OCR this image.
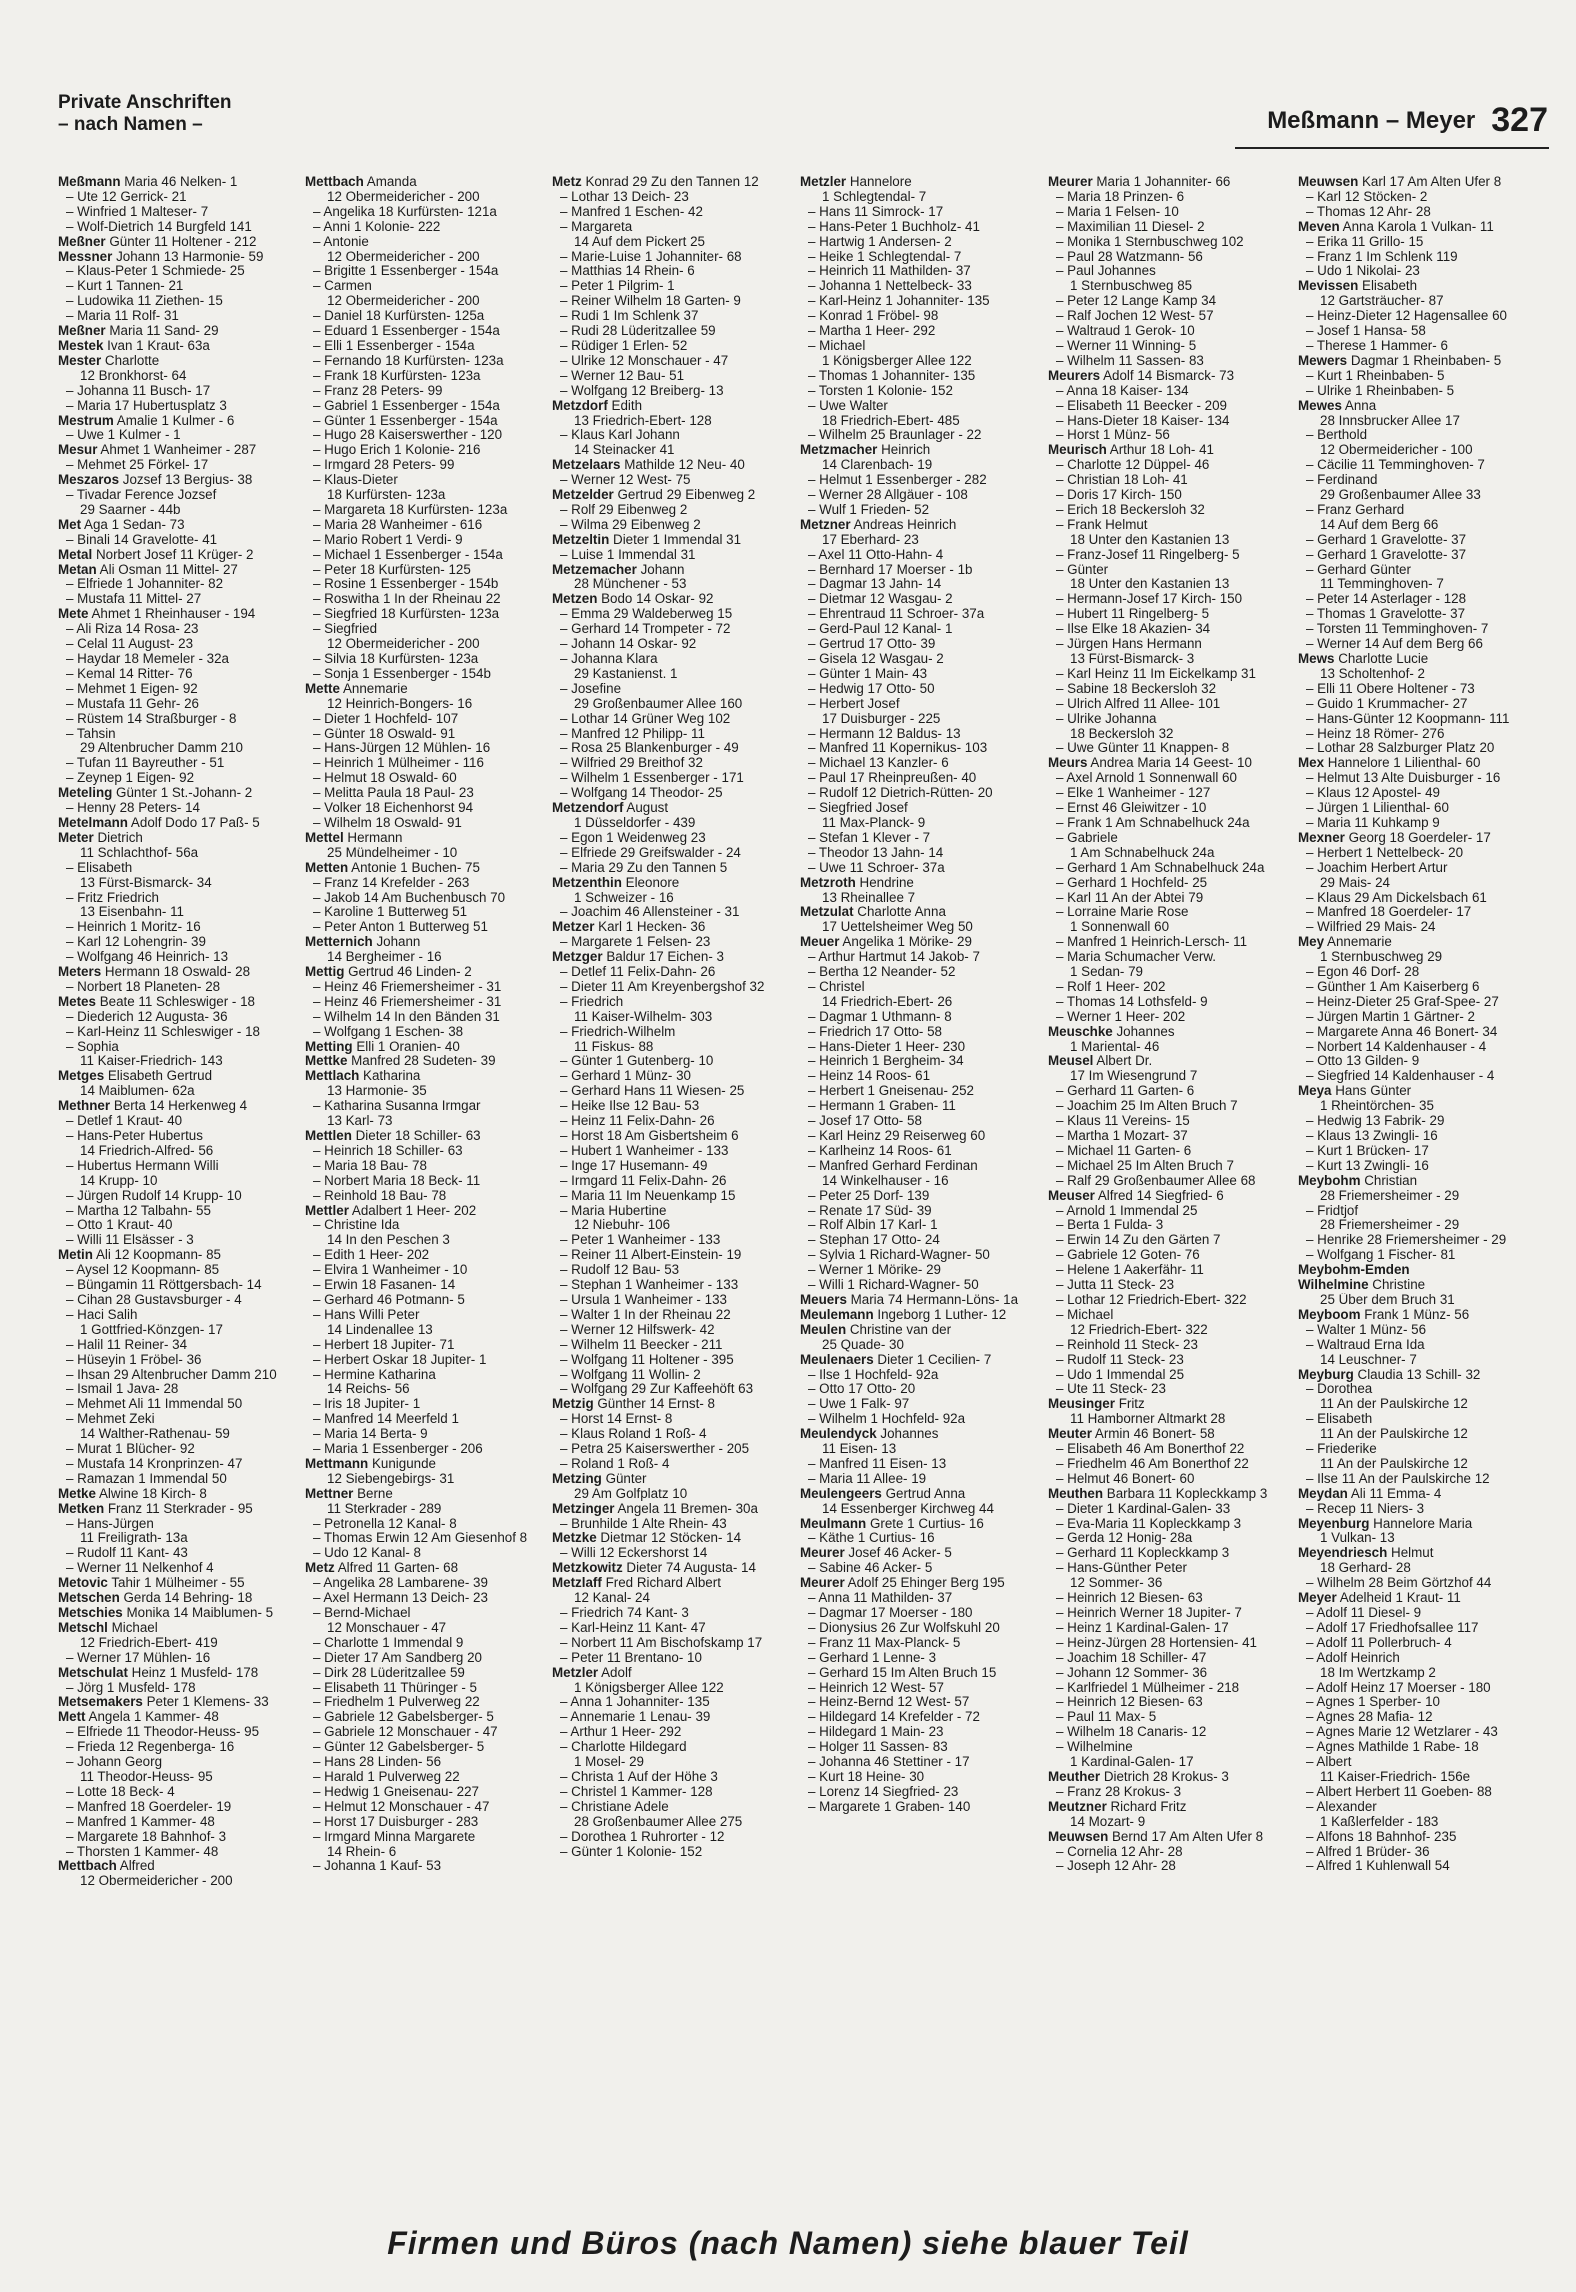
Private Anschriften
– nach Namen –	Meßmann – Meyer 327
Meßmann Maria 46 Nelken- 1
– Ute 12 Gerrick- 21
– Winfried 1 Malteser- 7
– Wolf-Dietrich 14 Burgfeld 141
Meßner Günter 11 Holtener - 212
Messner Johann 13 Harmonie- 59
– Klaus-Peter 1 Schmiede- 25
– Kurt 1 Tannen- 21
– Ludowika 11 Ziethen- 15
– Maria 11 Rolf- 31
Meßner Maria 11 Sand- 29
Mestek Ivan 1 Kraut- 63a
Mester Charlotte
12 Bronkhorst- 64
– Johanna 11 Busch- 17
– Maria 17 Hubertusplatz 3
Mestrum Amalie 1 Kulmer - 6
– Uwe 1 Kulmer - 1
Mesur Ahmet 1 Wanheimer - 287
– Mehmet 25 Förkel- 17
Meszaros Jozsef 13 Bergius- 38
– Tivadar Ference Jozsef
29 Saarner - 44b
Met Aga 1 Sedan- 73
– Binali 14 Gravelotte- 41
Metal Norbert Josef 11 Krüger- 2
Metan Ali Osman 11 Mittel- 27
– Elfriede 1 Johanniter- 82
– Mustafa 11 Mittel- 27
Mete Ahmet 1 Rheinhauser - 194
– Ali Riza 14 Rosa- 23
– Celal 11 August- 23
– Haydar 18 Memeler - 32a
– Kemal 14 Ritter- 76
– Mehmet 1 Eigen- 92
– Mustafa 11 Gehr- 26
– Rüstem 14 Straßburger - 8
– Tahsin
29 Altenbrucher Damm 210
– Tufan 11 Bayreuther - 51
– Zeynep 1 Eigen- 92
Meteling Günter 1 St.-Johann- 2
– Henny 28 Peters- 14
Metelmann Adolf Dodo 17 Paß- 5
Meter Dietrich
11 Schlachthof- 56a
– Elisabeth
13 Fürst-Bismarck- 34
– Fritz Friedrich
13 Eisenbahn- 11
– Heinrich 1 Moritz- 16
– Karl 12 Lohengrin- 39
– Wolfgang 46 Heinrich- 13
Meters Hermann 18 Oswald- 28
– Norbert 18 Planeten- 28
Metes Beate 11 Schleswiger - 18
– Diederich 12 Augusta- 36
– Karl-Heinz 11 Schleswiger - 18
– Sophia
11 Kaiser-Friedrich- 143
Metges Elisabeth Gertrud
14 Maiblumen- 62a
Methner Berta 14 Herkenweg 4
– Detlef 1 Kraut- 40
– Hans-Peter Hubertus
14 Friedrich-Alfred- 56
– Hubertus Hermann Willi
14 Krupp- 10
– Jürgen Rudolf 14 Krupp- 10
– Martha 12 Talbahn- 55
– Otto 1 Kraut- 40
– Willi 11 Elsässer - 3
Metin Ali 12 Koopmann- 85
– Aysel 12 Koopmann- 85
– Büngamin 11 Röttgersbach- 14
– Cihan 28 Gustavsburger - 4
– Haci Salih
1 Gottfried-Könzgen- 17
– Halil 11 Reiner- 34
– Hüseyin 1 Fröbel- 36
– Ihsan 29 Altenbrucher Damm 210
– Ismail 1 Java- 28
– Mehmet Ali 11 Immendal 50
– Mehmet Zeki
14 Walther-Rathenau- 59
– Murat 1 Blücher- 92
– Mustafa 14 Kronprinzen- 47
– Ramazan 1 Immendal 50
Metke Alwine 18 Kirch- 8
Metken Franz 11 Sterkrader - 95
– Hans-Jürgen
11 Freiligrath- 13a
– Rudolf 11 Kant- 43
– Werner 11 Nelkenhof 4
Metovic Tahir 1 Mülheimer - 55
Metschen Gerda 14 Behring- 18
Metschies Monika 14 Maiblumen- 5
Metschl Michael
12 Friedrich-Ebert- 419
– Werner 17 Mühlen- 16
Metschulat Heinz 1 Musfeld- 178
– Jörg 1 Musfeld- 178
Metsemakers Peter 1 Klemens- 33
Mett Angela 1 Kammer- 48
– Elfriede 11 Theodor-Heuss- 95
– Frieda 12 Regenberga- 16
– Johann Georg
11 Theodor-Heuss- 95
– Lotte 18 Beck- 4
– Manfred 18 Goerdeler- 19
– Manfred 1 Kammer- 48
– Margarete 18 Bahnhof- 3
– Thorsten 1 Kammer- 48
Mettbach Alfred
12 Obermeidericher - 200
Mettbach Amanda
12 Obermeidericher - 200
– Angelika 18 Kurfürsten- 121a
– Anni 1 Kolonie- 222
– Antonie
12 Obermeidericher - 200
– Brigitte 1 Essenberger - 154a
– Carmen
12 Obermeidericher - 200
– Daniel 18 Kurfürsten- 125a
– Eduard 1 Essenberger - 154a
– Elli 1 Essenberger - 154a
– Fernando 18 Kurfürsten- 123a
– Frank 18 Kurfürsten- 123a
– Franz 28 Peters- 99
– Gabriel 1 Essenberger - 154a
– Günter 1 Essenberger - 154a
– Hugo 28 Kaiserswerther - 120
– Hugo Erich 1 Kolonie- 216
– Irmgard 28 Peters- 99
– Klaus-Dieter
18 Kurfürsten- 123a
– Margareta 18 Kurfürsten- 123a
– Maria 28 Wanheimer - 616
– Mario Robert 1 Verdi- 9
– Michael 1 Essenberger - 154a
– Peter 18 Kurfürsten- 125
– Rosine 1 Essenberger - 154b
– Roswitha 1 In der Rheinau 22
– Siegfried 18 Kurfürsten- 123a
– Siegfried
12 Obermeidericher - 200
– Silvia 18 Kurfürsten- 123a
– Sonja 1 Essenberger - 154b
Mette Annemarie
12 Heinrich-Bongers- 16
– Dieter 1 Hochfeld- 107
– Günter 18 Oswald- 91
– Hans-Jürgen 12 Mühlen- 16
– Heinrich 1 Mülheimer - 116
– Helmut 18 Oswald- 60
– Melitta Paula 18 Paul- 23
– Volker 18 Eichenhorst 94
– Wilhelm 18 Oswald- 91
Mettel Hermann
25 Mündelheimer - 10
Metten Antonie 1 Buchen- 75
– Franz 14 Krefelder - 263
– Jakob 14 Am Buchenbusch 70
– Karoline 1 Butterweg 51
– Peter Anton 1 Butterweg 51
Metternich Johann
14 Bergheimer - 16
Mettig Gertrud 46 Linden- 2
– Heinz 46 Friemersheimer - 31
– Heinz 46 Friemersheimer - 31
– Wilhelm 14 In den Bänden 31
– Wolfgang 1 Eschen- 38
Metting Elli 1 Oranien- 40
Mettke Manfred 28 Sudeten- 39
Mettlach Katharina
13 Harmonie- 35
– Katharina Susanna Irmgar
13 Karl- 73
Mettlen Dieter 18 Schiller- 63
– Heinrich 18 Schiller- 63
– Maria 18 Bau- 78
– Norbert Maria 18 Beck- 11
– Reinhold 18 Bau- 78
Mettler Adalbert 1 Heer- 202
– Christine Ida
14 In den Peschen 3
– Edith 1 Heer- 202
– Elvira 1 Wanheimer - 10
– Erwin 18 Fasanen- 14
– Gerhard 46 Potmann- 5
– Hans Willi Peter
14 Lindenallee 13
– Herbert 18 Jupiter- 71
– Herbert Oskar 18 Jupiter- 1
– Hermine Katharina
14 Reichs- 56
– Iris 18 Jupiter- 1
– Manfred 14 Meerfeld 1
– Maria 14 Berta- 9
– Maria 1 Essenberger - 206
Mettmann Kunigunde
12 Siebengebirgs- 31
Mettner Berne
11 Sterkrader - 289
– Petronella 12 Kanal- 8
– Thomas Erwin 12 Am Giesenhof 8
– Udo 12 Kanal- 8
Metz Alfred 11 Garten- 68
– Angelika 28 Lambarene- 39
– Axel Hermann 13 Deich- 23
– Bernd-Michael
12 Monschauer - 47
– Charlotte 1 Immendal 9
– Dieter 17 Am Sandberg 20
– Dirk 28 Lüderitzallee 59
– Elisabeth 11 Thüringer - 5
– Friedhelm 1 Pulverweg 22
– Gabriele 12 Gabelsberger- 5
– Gabriele 12 Monschauer - 47
– Günter 12 Gabelsberger- 5
– Hans 28 Linden- 56
– Harald 1 Pulverweg 22
– Hedwig 1 Gneisenau- 227
– Helmut 12 Monschauer - 47
– Horst 17 Duisburger - 283
– Irmgard Minna Margarete
14 Rhein- 6
– Johanna 1 Kauf- 53
Metz Konrad 29 Zu den Tannen 12
– Lothar 13 Deich- 23
– Manfred 1 Eschen- 42
– Margareta
14 Auf dem Pickert 25
– Marie-Luise 1 Johanniter- 68
– Matthias 14 Rhein- 6
– Peter 1 Pilgrim- 1
– Reiner Wilhelm 18 Garten- 9
– Rudi 1 Im Schlenk 37
– Rudi 28 Lüderitzallee 59
– Rüdiger 1 Erlen- 52
– Ulrike 12 Monschauer - 47
– Werner 12 Bau- 51
– Wolfgang 12 Breiberg- 13
Metzdorf Edith
13 Friedrich-Ebert- 128
– Klaus Karl Johann
14 Steinacker 41
Metzelaars Mathilde 12 Neu- 40
– Werner 12 West- 75
Metzelder Gertrud 29 Eibenweg 2
– Rolf 29 Eibenweg 2
– Wilma 29 Eibenweg 2
Metzeltin Dieter 1 Immendal 31
– Luise 1 Immendal 31
Metzemacher Johann
28 Münchener - 53
Metzen Bodo 14 Oskar- 92
– Emma 29 Waldeberweg 15
– Gerhard 14 Trompeter - 72
– Johann 14 Oskar- 92
– Johanna Klara
29 Kastanienst. 1
– Josefine
29 Großenbaumer Allee 160
– Lothar 14 Grüner Weg 102
– Manfred 12 Philipp- 11
– Rosa 25 Blankenburger - 49
– Wilfried 29 Breithof 32
– Wilhelm 1 Essenberger - 171
– Wolfgang 14 Theodor- 25
Metzendorf August
1 Düsseldorfer - 439
– Egon 1 Weidenweg 23
– Elfriede 29 Greifswalder - 24
– Maria 29 Zu den Tannen 5
Metzenthin Eleonore
1 Schweizer - 16
– Joachim 46 Allensteiner - 31
Metzer Karl 1 Hecken- 36
– Margarete 1 Felsen- 23
Metzger Baldur 17 Eichen- 3
– Detlef 11 Felix-Dahn- 26
– Dieter 11 Am Kreyenbergshof 32
– Friedrich
11 Kaiser-Wilhelm- 303
– Friedrich-Wilhelm
11 Fiskus- 88
– Günter 1 Gutenberg- 10
– Gerhard 1 Münz- 30
– Gerhard Hans 11 Wiesen- 25
– Heike Ilse 12 Bau- 53
– Heinz 11 Felix-Dahn- 26
– Horst 18 Am Gisbertsheim 6
– Hubert 1 Wanheimer - 133
– Inge 17 Husemann- 49
– Irmgard 11 Felix-Dahn- 26
– Maria 11 Im Neuenkamp 15
– Maria Hubertine
12 Niebuhr- 106
– Peter 1 Wanheimer - 133
– Reiner 11 Albert-Einstein- 19
– Rudolf 12 Bau- 53
– Stephan 1 Wanheimer - 133
– Ursula 1 Wanheimer - 133
– Walter 1 In der Rheinau 22
– Werner 12 Hilfswerk- 42
– Wilhelm 11 Beecker - 211
– Wolfgang 11 Holtener - 395
– Wolfgang 11 Wollin- 2
– Wolfgang 29 Zur Kaffeehöft 63
Metzig Günther 14 Ernst- 8
– Horst 14 Ernst- 8
– Klaus Roland 1 Roß- 4
– Petra 25 Kaiserswerther - 205
– Roland 1 Roß- 4
Metzing Günter
29 Am Golfplatz 10
Metzinger Angela 11 Bremen- 30a
– Brunhilde 1 Alte Rhein- 43
Metzke Dietmar 12 Stöcken- 14
– Willi 12 Eckershorst 14
Metzkowitz Dieter 74 Augusta- 14
Metzlaff Fred Richard Albert
12 Kanal- 24
– Friedrich 74 Kant- 3
– Karl-Heinz 11 Kant- 47
– Norbert 11 Am Bischofskamp 17
– Peter 11 Brentano- 10
Metzler Adolf
1 Königsberger Allee 122
– Anna 1 Johanniter- 135
– Annemarie 1 Lenau- 39
– Arthur 1 Heer- 292
– Charlotte Hildegard
1 Mosel- 29
– Christa 1 Auf der Höhe 3
– Christel 1 Kammer- 128
– Christiane Adele
28 Großenbaumer Allee 275
– Dorothea 1 Ruhrorter - 12
– Günter 1 Kolonie- 152
Metzler Hannelore
1 Schlegtendal- 7
– Hans 11 Simrock- 17
– Hans-Peter 1 Buchholz- 41
– Hartwig 1 Andersen- 2
– Heike 1 Schlegtendal- 7
– Heinrich 11 Mathilden- 37
– Johanna 1 Nettelbeck- 33
– Karl-Heinz 1 Johanniter- 135
– Konrad 1 Fröbel- 98
– Martha 1 Heer- 292
– Michael
1 Königsberger Allee 122
– Thomas 1 Johanniter- 135
– Torsten 1 Kolonie- 152
– Uwe Walter
18 Friedrich-Ebert- 485
– Wilhelm 25 Braunlager - 22
Metzmacher Heinrich
14 Clarenbach- 19
– Helmut 1 Essenberger - 282
– Werner 28 Allgäuer - 108
– Wulf 1 Frieden- 52
Metzner Andreas Heinrich
17 Eberhard- 23
– Axel 11 Otto-Hahn- 4
– Bernhard 17 Moerser - 1b
– Dagmar 13 Jahn- 14
– Dietmar 12 Wasgau- 2
– Ehrentraud 11 Schroer- 37a
– Gerd-Paul 12 Kanal- 1
– Gertrud 17 Otto- 39
– Gisela 12 Wasgau- 2
– Günter 1 Main- 43
– Hedwig 17 Otto- 50
– Herbert Josef
17 Duisburger - 225
– Hermann 12 Baldus- 13
– Manfred 11 Kopernikus- 103
– Michael 13 Kanzler- 6
– Paul 17 Rheinpreußen- 40
– Rudolf 12 Dietrich-Rütten- 20
– Siegfried Josef
11 Max-Planck- 9
– Stefan 1 Klever - 7
– Theodor 13 Jahn- 14
– Uwe 11 Schroer- 37a
Metzroth Hendrine
13 Rheinallee 7
Metzulat Charlotte Anna
17 Uettelsheimer Weg 50
Meuer Angelika 1 Mörike- 29
– Arthur Hartmut 14 Jakob- 7
– Bertha 12 Neander- 52
– Christel
14 Friedrich-Ebert- 26
– Dagmar 1 Uthmann- 8
– Friedrich 17 Otto- 58
– Hans-Dieter 1 Heer- 230
– Heinrich 1 Bergheim- 34
– Heinz 14 Roos- 61
– Herbert 1 Gneisenau- 252
– Hermann 1 Graben- 11
– Josef 17 Otto- 58
– Karl Heinz 29 Reiserweg 60
– Karlheinz 14 Roos- 61
– Manfred Gerhard Ferdinan
14 Winkelhauser - 16
– Peter 25 Dorf- 139
– Renate 17 Süd- 39
– Rolf Albin 17 Karl- 1
– Stephan 17 Otto- 24
– Sylvia 1 Richard-Wagner- 50
– Werner 1 Mörike- 29
– Willi 1 Richard-Wagner- 50
Meuers Maria 74 Hermann-Löns- 1a
Meulemann Ingeborg 1 Luther- 12
Meulen Christine van der
25 Quade- 30
Meulenaers Dieter 1 Cecilien- 7
– Ilse 1 Hochfeld- 92a
– Otto 17 Otto- 20
– Uwe 1 Falk- 97
– Wilhelm 1 Hochfeld- 92a
Meulendyck Johannes
11 Eisen- 13
– Manfred 11 Eisen- 13
– Maria 11 Allee- 19
Meulengeers Gertrud Anna
14 Essenberger Kirchweg 44
Meulmann Grete 1 Curtius- 16
– Käthe 1 Curtius- 16
Meurer Josef 46 Acker- 5
– Sabine 46 Acker- 5
Meurer Adolf 25 Ehinger Berg 195
– Anna 11 Mathilden- 37
– Dagmar 17 Moerser - 180
– Dionysius 26 Zur Wolfskuhl 20
– Franz 11 Max-Planck- 5
– Gerhard 1 Lenne- 3
– Gerhard 15 Im Alten Bruch 15
– Heinrich 12 West- 57
– Heinz-Bernd 12 West- 57
– Hildegard 14 Krefelder - 72
– Hildegard 1 Main- 23
– Holger 11 Sassen- 83
– Johanna 46 Stettiner - 17
– Kurt 18 Heine- 30
– Lorenz 14 Siegfried- 23
– Margarete 1 Graben- 140
Meurer Maria 1 Johanniter- 66
– Maria 18 Prinzen- 6
– Maria 1 Felsen- 10
– Maximilian 11 Diesel- 2
– Monika 1 Sternbuschweg 102
– Paul 28 Watzmann- 56
– Paul Johannes
1 Sternbuschweg 85
– Peter 12 Lange Kamp 34
– Ralf Jochen 12 West- 57
– Waltraud 1 Gerok- 10
– Werner 11 Winning- 5
– Wilhelm 11 Sassen- 83
Meurers Adolf 14 Bismarck- 73
– Anna 18 Kaiser- 134
– Elisabeth 11 Beecker - 209
– Hans-Dieter 18 Kaiser- 134
– Horst 1 Münz- 56
Meurisch Arthur 18 Loh- 41
– Charlotte 12 Düppel- 46
– Christian 18 Loh- 41
– Doris 17 Kirch- 150
– Erich 18 Beckersloh 32
– Frank Helmut
18 Unter den Kastanien 13
– Franz-Josef 11 Ringelberg- 5
– Günter
18 Unter den Kastanien 13
– Hermann-Josef 17 Kirch- 150
– Hubert 11 Ringelberg- 5
– Ilse Elke 18 Akazien- 34
– Jürgen Hans Hermann
13 Fürst-Bismarck- 3
– Karl Heinz 11 Im Eickelkamp 31
– Sabine 18 Beckersloh 32
– Ulrich Alfred 11 Allee- 101
– Ulrike Johanna
18 Beckersloh 32
– Uwe Günter 11 Knappen- 8
Meurs Andrea Maria 14 Geest- 10
– Axel Arnold 1 Sonnenwall 60
– Elke 1 Wanheimer - 127
– Ernst 46 Gleiwitzer - 10
– Frank 1 Am Schnabelhuck 24a
– Gabriele
1 Am Schnabelhuck 24a
– Gerhard 1 Am Schnabelhuck 24a
– Gerhard 1 Hochfeld- 25
– Karl 11 An der Abtei 79
– Lorraine Marie Rose
1 Sonnenwall 60
– Manfred 1 Heinrich-Lersch- 11
– Maria Schumacher Verw.
1 Sedan- 79
– Rolf 1 Heer- 202
– Thomas 14 Lothsfeld- 9
– Werner 1 Heer- 202
Meuschke Johannes
1 Mariental- 46
Meusel Albert Dr.
17 Im Wiesengrund 7
– Gerhard 11 Garten- 6
– Joachim 25 Im Alten Bruch 7
– Klaus 11 Vereins- 15
– Martha 1 Mozart- 37
– Michael 11 Garten- 6
– Michael 25 Im Alten Bruch 7
– Ralf 29 Großenbaumer Allee 68
Meuser Alfred 14 Siegfried- 6
– Arnold 1 Immendal 25
– Berta 1 Fulda- 3
– Erwin 14 Zu den Gärten 7
– Gabriele 12 Goten- 76
– Helene 1 Aakerfähr- 11
– Jutta 11 Steck- 23
– Lothar 12 Friedrich-Ebert- 322
– Michael
12 Friedrich-Ebert- 322
– Reinhold 11 Steck- 23
– Rudolf 11 Steck- 23
– Udo 1 Immendal 25
– Ute 11 Steck- 23
Meusinger Fritz
11 Hamborner Altmarkt 28
Meuter Armin 46 Bonert- 58
– Elisabeth 46 Am Bonerthof 22
– Friedhelm 46 Am Bonerthof 22
– Helmut 46 Bonert- 60
Meuthen Barbara 11 Kopleckkamp 3
– Dieter 1 Kardinal-Galen- 33
– Eva-Maria 11 Kopleckkamp 3
– Gerda 12 Honig- 28a
– Gerhard 11 Kopleckkamp 3
– Hans-Günther Peter
12 Sommer- 36
– Heinrich 12 Biesen- 63
– Heinrich Werner 18 Jupiter- 7
– Heinz 1 Kardinal-Galen- 17
– Heinz-Jürgen 28 Hortensien- 41
– Joachim 18 Schiller- 47
– Johann 12 Sommer- 36
– Karlfriedel 1 Mülheimer - 218
– Heinrich 12 Biesen- 63
– Paul 11 Max- 5
– Wilhelm 18 Canaris- 12
– Wilhelmine
1 Kardinal-Galen- 17
Meuther Dietrich 28 Krokus- 3
– Franz 28 Krokus- 3
Meutzner Richard Fritz
14 Mozart- 9
Meuwsen Bernd 17 Am Alten Ufer 8
– Cornelia 12 Ahr- 28
– Joseph 12 Ahr- 28
Meuwsen Karl 17 Am Alten Ufer 8
– Karl 12 Stöcken- 2
– Thomas 12 Ahr- 28
Meven Anna Karola 1 Vulkan- 11
– Erika 11 Grillo- 15
– Franz 1 Im Schlenk 119
– Udo 1 Nikolai- 23
Mevissen Elisabeth
12 Gartsträucher- 87
– Heinz-Dieter 12 Hagensallee 60
– Josef 1 Hansa- 58
– Therese 1 Hammer- 6
Mewers Dagmar 1 Rheinbaben- 5
– Kurt 1 Rheinbaben- 5
– Ulrike 1 Rheinbaben- 5
Mewes Anna
28 Innsbrucker Allee 17
– Berthold
12 Obermeidericher - 100
– Cäcilie 11 Temminghoven- 7
– Ferdinand
29 Großenbaumer Allee 33
– Franz Gerhard
14 Auf dem Berg 66
– Gerhard 1 Gravelotte- 37
– Gerhard 1 Gravelotte- 37
– Gerhard Günter
11 Temminghoven- 7
– Peter 14 Asterlager - 128
– Thomas 1 Gravelotte- 37
– Torsten 11 Temminghoven- 7
– Werner 14 Auf dem Berg 66
Mews Charlotte Lucie
13 Scholtenhof- 2
– Elli 11 Obere Holtener - 73
– Guido 1 Krummacher- 27
– Hans-Günter 12 Koopmann- 111
– Heinz 18 Römer- 276
– Lothar 28 Salzburger Platz 20
Mex Hannelore 1 Lilienthal- 60
– Helmut 13 Alte Duisburger - 16
– Klaus 12 Apostel- 49
– Jürgen 1 Lilienthal- 60
– Maria 11 Kuhkamp 9
Mexner Georg 18 Goerdeler- 17
– Herbert 1 Nettelbeck- 20
– Joachim Herbert Artur
29 Mais- 24
– Klaus 29 Am Dickelsbach 61
– Manfred 18 Goerdeler- 17
– Wilfried 29 Mais- 24
Mey Annemarie
1 Sternbuschweg 29
– Egon 46 Dorf- 28
– Günther 1 Am Kaiserberg 6
– Heinz-Dieter 25 Graf-Spee- 27
– Jürgen Martin 1 Gärtner- 2
– Margarete Anna 46 Bonert- 34
– Norbert 14 Kaldenhauser - 4
– Otto 13 Gilden- 9
– Siegfried 14 Kaldenhauser - 4
Meya Hans Günter
1 Rheintörchen- 35
– Hedwig 13 Fabrik- 29
– Klaus 13 Zwingli- 16
– Kurt 1 Brücken- 17
– Kurt 13 Zwingli- 16
Meybohm Christian
28 Friemersheimer - 29
– Fridtjof
28 Friemersheimer - 29
– Henrike 28 Friemersheimer - 29
– Wolfgang 1 Fischer- 81
Meybohm-Emden
Wilhelmine Christine
25 Über dem Bruch 31
Meyboom Frank 1 Münz- 56
– Walter 1 Münz- 56
– Waltraud Erna Ida
14 Leuschner- 7
Meyburg Claudia 13 Schill- 32
– Dorothea
11 An der Paulskirche 12
– Elisabeth
11 An der Paulskirche 12
– Friederike
11 An der Paulskirche 12
– Ilse 11 An der Paulskirche 12
Meydan Ali 11 Emma- 4
– Recep 11 Niers- 3
Meyenburg Hannelore Maria
1 Vulkan- 13
Meyendriesch Helmut
18 Gerhard- 28
– Wilhelm 28 Beim Görtzhof 44
Meyer Adelheid 1 Kraut- 11
– Adolf 11 Diesel- 9
– Adolf 17 Friedhofsallee 117
– Adolf 11 Pollerbruch- 4
– Adolf Heinrich
18 Im Wertzkamp 2
– Adolf Heinz 17 Moerser - 180
– Agnes 1 Sperber- 10
– Agnes 28 Mafia- 12
– Agnes Marie 12 Wetzlarer - 43
– Agnes Mathilde 1 Rabe- 18
– Albert
11 Kaiser-Friedrich- 156e
– Albert Herbert 11 Goeben- 88
– Alexander
1 Kaßlerfelder - 183
– Alfons 18 Bahnhof- 235
– Alfred 1 Brüder- 36
– Alfred 1 Kuhlenwall 54
Firmen und Büros (nach Namen) siehe blauer Teil
